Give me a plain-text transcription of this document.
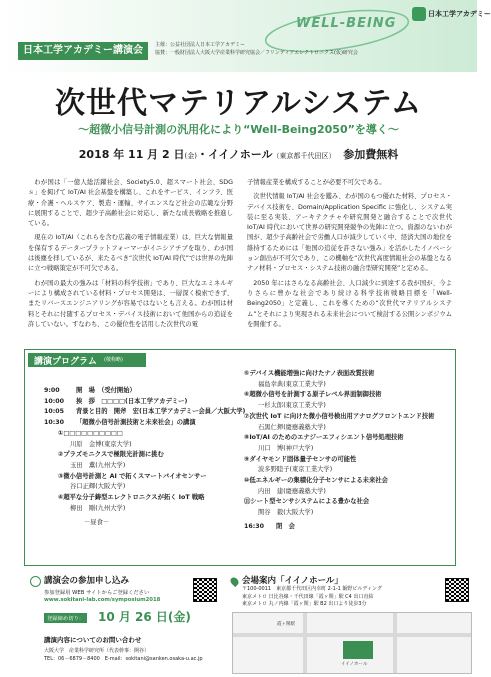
WELL-BEING
日本工学アカデミー
日本工学アカデミー講演会	主催：公益社団法人日本工学アカデミー
協賛：一般財団法人大阪大学産業科学研究協会／フリンティアエレクトロニクス(仮)研究会
次世代マテリアルシステム
～超微小信号計測の汎用化により“Well-Being2050”を導く～
2018 年 11 月 2 日(金)・イイノホール（東京都千代田区） 参加費無料

わが国は「一億人総活躍社会、Society5.0、超スマート社会、SDGｓ」を掲げて IoT/AI 社会基盤を構築し、これをサービス、インフラ、医療・介護・ヘルスケア、製造・運輸、サイエンスなど社会の広範な分野に展開することで、超少子高齢社会に対応し、新たな成長戦略を推進している。

現在の IoT/AI（これらを含む広義の電子情報産業）は、巨大な情報量を保有するデータープラットフォーマーがイニシアチブを取り、わが国は後塵を拝しているが、来たるべき“次世代 IoT/AI 時代”では世界の先陣に立つ戦略策定が不可欠である。

わが国の最大の強みは「材料の科学技術」であり、巨大なエミネルギーにより構成されている材料・プロセス開発は、一層深く模索できず、またリバースエンジニアリングが容易ではないとも言える。わが国は材料とそれに付随するプロセス・デバイス技術において他国からの追従を許していない。すなわち、この優位性を活用した次世代の電

子情報産業を構成することが必要不可欠である。

次世代情報 IoT/AI 社会を鑑み、わが国のもつ優れた材料、プロセス・デバイス技術を、Domain/Application Specific に強化し、システム実装に至る実装、アーキテクチャや研究開発と融合することで次世代IoT/AI 時代において世界の研究開発競争の先陣に立つ。資源のないわが国が、超少子高齢社会で労働人口が減少していく中、経済大国の地位を維持するためには「他国の追従を許さない強み」を活かしたイノベーション創出が不可欠であり、この機軸を“次世代高度情報社会の基盤となるナノ材料・プロセス・システム技術の融合型研究開発”と定める。

2050 年にはさらなる高齢社会、人口減少に到達する我が国が、今よりさらに豊かな社会であり続ける科学技術戦略目標を「Well-Being2050」と定義し、これを導くための“次世代マテリアルシステム”とそれにより実現される未来社会について検討する公開シンポジウムを開催する。

講演プログラム (敬称略)
9:00	開　場　（受付開始）
10:00 挨　拶　□□□□(日本工学アカデミー)
10:05 背景と目的　開斧　宏(日本工学アカデミー会員／大阪大学)
10:30 「超微小信号計測技術と未来社会」の講演
①□□□□□□□□□□
川原　金博(東京大学)
②プラズモニクスで極限光計測に挑む
玉田　薫(九州大学)
③微小信号計測と AI で拓くスマートバイオセンサー
谷口正輝(大阪大学)
④超平な分子鋳型エレクトロニクスが拓く IoT 戦略
柳田　剛(九州大学)
－昼食－
⑤デバイス機能増強に向けたナノ表面改質技術
福島幸典(東京工業大学)
⑥超微小信号を計測する原子レベル界面制御技術
一杉太郎(東京工業大学)
⑦次世代 IoT に向けた微小信号検出用アナログフロントエンド技術
石黒仁揮(慶應義塾大学)
⑧IoT/AI のためのエナジーエフィシエント信号処理技術
川口　博(神戸大学)
⑨ダイヤモンド固体量子センサの可能性
波多野睦子(東京工業大学)
⑩低エネルギーの集積化分子センサによる未来社会
内田　建(慶應義塾大学)
⑪シート型センサシステムによる豊かな社会
関谷　毅(大阪大学)
16:30 閉　会
講演会の参加申し込み
参加登録用 WEB サイトからご登録ください
www.sokitani-lab.com/symposium2018
登録締め切り： 10 月 26 日(金)
講演内容についてのお問い合わせ
大阪大学　産業科学研究所（代表幹事：開谷）
TEL：06－6879－8400　E-mail：sokitani@sanken.osaka-u.ac.jp
会場案内「イイノホール」
〒100-0011　東京都千代田区内幸町 2-1-1 飯野ビルディング
東京メトロ 日比谷線・千代田線「霞ヶ関」駅 C4 出口直結
東京メトロ 丸ノ内線「霞ヶ関」駅 B2 出口より徒歩3分
霞ヶ関駅
イイノホール
